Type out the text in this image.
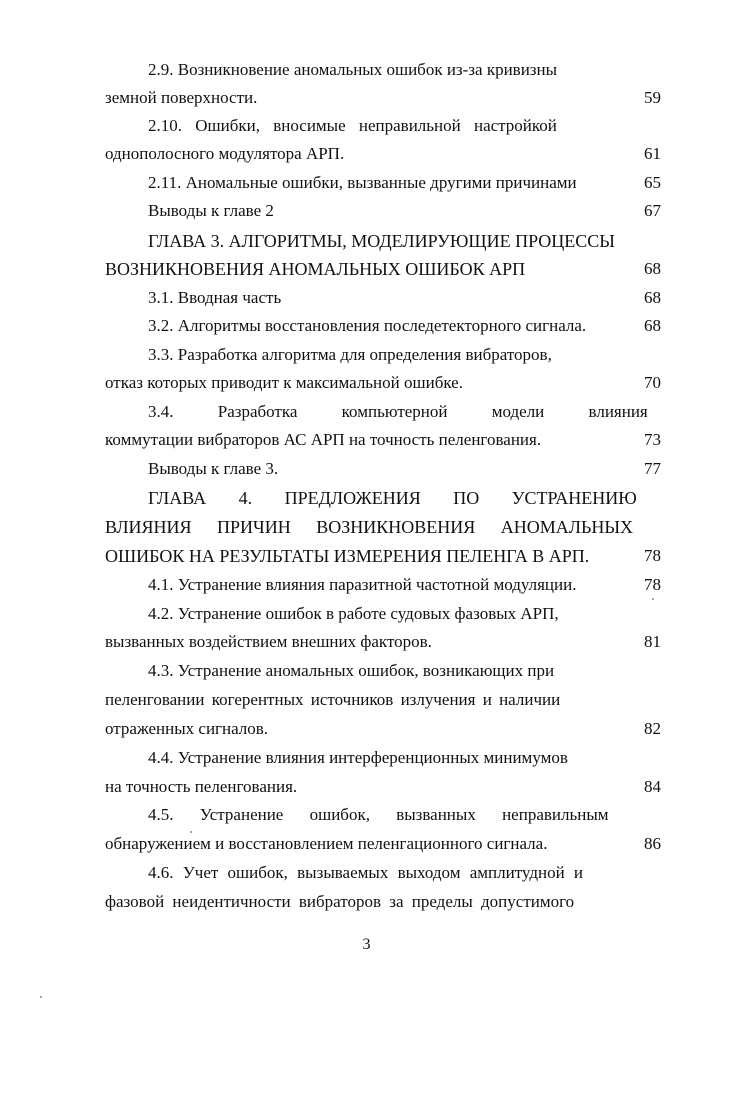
2.9. Возникновение аномальных ошибок из-за кривизны
земной поверхности.	59
2.10. Ошибки, вносимые неправильной настройкой
однополосного модулятора АРП.	61
2.11. Аномальные ошибки, вызванные другими причинами	65
Выводы к главе 2	67
ГЛАВА 3. АЛГОРИТМЫ, МОДЕЛИРУЮЩИЕ ПРОЦЕССЫ
ВОЗНИКНОВЕНИЯ АНОМАЛЬНЫХ ОШИБОК АРП	68
3.1. Вводная часть	68
3.2. Алгоритмы восстановления последетекторного сигнала.	68
3.3. Разработка алгоритма для определения вибраторов,
отказ которых приводит к максимальной ошибке.	70
3.4. Разработка компьютерной модели влияния
коммутации вибраторов АС АРП на точность пеленгования.	73
Выводы к главе 3.	77
ГЛАВА 4. ПРЕДЛОЖЕНИЯ ПО УСТРАНЕНИЮ
ВЛИЯНИЯ ПРИЧИН ВОЗНИКНОВЕНИЯ АНОМАЛЬНЫХ
ОШИБОК НА РЕЗУЛЬТАТЫ ИЗМЕРЕНИЯ ПЕЛЕНГА В АРП.	78
4.1. Устранение влияния паразитной частотной модуляции.	78
4.2. Устранение ошибок в работе судовых фазовых АРП,
вызванных воздействием внешних факторов.	81
4.3. Устранение аномальных ошибок, возникающих при
пеленговании когерентных источников излучения и наличии
отраженных сигналов.	82
4.4. Устранение влияния интерференционных минимумов
на точность пеленгования.	84
4.5. Устранение ошибок, вызванных неправильным
обнаружением и восстановлением пеленгационного сигнала.	86
4.6. Учет ошибок, вызываемых выходом амплитудной и
фазовой неидентичности вибраторов за пределы допустимого
3
